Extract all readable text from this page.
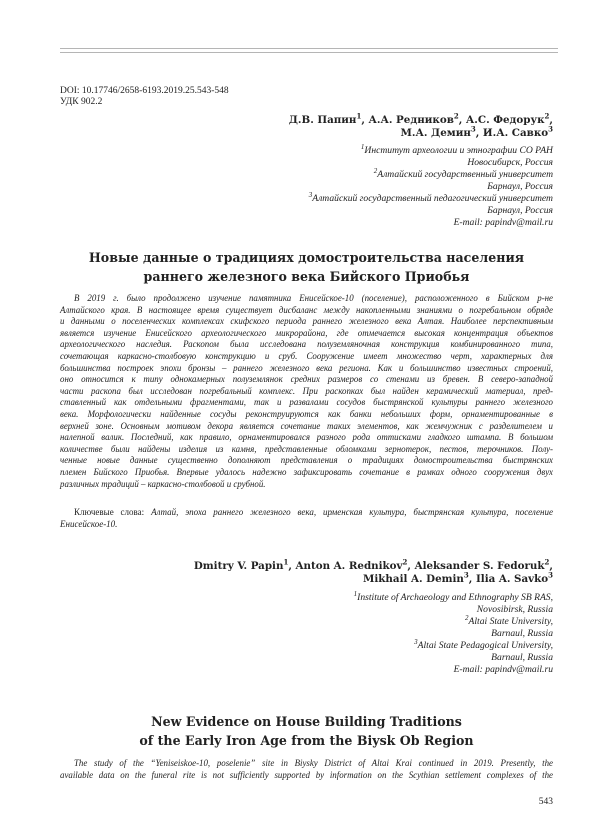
DOI: 10.17746/2658-6193.2019.25.543-548
УДК 902.2
Д.В. Папин$^1$, А.А. Редников$^2$, А.С. Федорук$^2$,
М.А. Демин$^3$, И.А. Савко$^3$
$^1$Институт археологии и этнографии СО РАН
Новосибирск, Россия
$^2$Алтайский государственный университет
Барнаул, Россия
$^3$Алтайский государственный педагогический университет
Барнаул, Россия
E-mail: papindv@mail.ru
Новые данные о традициях домостроительства населения
раннего железного века Бийского Приобья
В 2019 г. было продолжено изучение памятника Енисейское-10 (поселение), расположенного в Бийском р-не
Алтайского края. В настоящее время существует дисбаланс между накопленными знаниями о погребальном обряде
и данными о поселенческих комплексах скифского периода раннего железного века Алтая. Наиболее перспективным
является изучение Енисейского археологического микрорайона, где отмечается высокая концентрация объектов
археологического наследия. Раскопом была исследована полуземляночная конструкция комбинированного типа,
сочетающая каркасно-столбовую конструкцию и сруб. Сооружение имеет множество черт, характерных для
большинства построек эпохи бронзы – раннего железного века региона. Как и большинство известных строений,
оно относится к типу однокамерных полуземлянок средних размеров со стенами из бревен. В северо-западной
части раскопа был исследован погребальный комплекс. При раскопках был найден керамический материал, пред-
ставленный как отдельными фрагментами, так и развалами сосудов быстрянской культуры раннего железного
века. Морфологически найденные сосуды реконструируются как банки небольших форм, орнаментированные в
верхней зоне. Основным мотивом декора является сочетание таких элементов, как жемчужник с разделителем и
налепной валик. Последний, как правило, орнаментировался разного рода оттисками гладкого штампа. В большом
количестве были найдены изделия из камня, представленные обломками зернотерок, пестов, терочников. Полу-
ченные новые данные существенно дополняют представления о традициях домостроительства быстрянских
племен Бийского Приобья. Впервые удалось надежно зафиксировать сочетание в рамках одного сооружения двух
различных традиций – каркасно-столбовой и срубной.
Ключевые слова: Алтай, эпоха раннего железного века, ирменская культура, быстрянская культура, поселение
Енисейское-10.
Dmitry V. Papin$^1$, Anton A. Rednikov$^2$, Aleksander S. Fedoruk$^2$,
Mikhail A. Demin$^3$, Ilia A. Savko$^3$
$^1$Institute of Archaeology and Ethnography SB RAS,
Novosibirsk, Russia
$^2$Altai State University,
Barnaul, Russia
$^3$Altai State Pedagogical University,
Barnaul, Russia
E-mail: papindv@mail.ru
New Evidence on House Building Traditions
of the Early Iron Age from the Biysk Ob Region
The study of the “Yeniseiskoe-10, poselenie” site in Biysky District of Altai Krai continued in 2019. Presently, the
available data on the funeral rite is not sufficiently supported by information on the Scythian settlement complexes of the
543
